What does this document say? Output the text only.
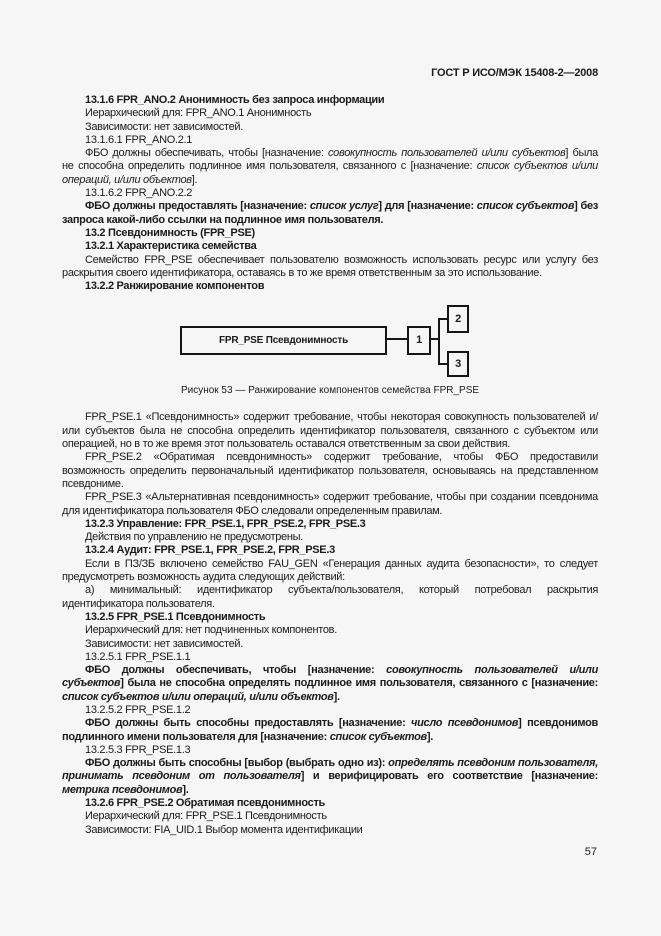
ГОСТ Р ИСО/МЭК 15408-2—2008

13.1.6 FPR_ANO.2 Анонимность без запроса информации

Иерархический для: FPR_ANO.1 Анонимность

Зависимости: нет зависимостей.

13.1.6.1 FPR_ANO.2.1

ФБО должны обеспечивать, чтобы [назначение: совокупность пользователей и/или субъектов] была не способна определить подлинное имя пользователя, связанного с [назначение: список субъектов и/или операций, и/или объектов].

13.1.6.2 FPR_ANO.2.2

ФБО должны предоставлять [назначение: список услуг] для [назначение: список субъектов] без запроса какой-либо ссылки на подлинное имя пользователя.

13.2 Псевдонимность (FPR_PSE)

13.2.1 Характеристика семейства

Семейство FPR_PSE обеспечивает пользователю возможность использовать ресурс или услугу без раскрытия своего идентификатора, оставаясь в то же время ответственным за это использование.

13.2.2 Ранжирование компонентов

FPR_PSE Псевдонимность	1
2
3
Рисунок 53 — Ранжирование компонентов семейства FPR_PSE

FPR_PSE.1 «Псевдонимность» содержит требование, чтобы некоторая совокупность пользователей и/или субъектов была не способна определить идентификатор пользователя, связанного с субъектом или операцией, но в то же время этот пользователь оставался ответственным за свои действия.

FPR_PSE.2 «Обратимая псевдонимность» содержит требование, чтобы ФБО предоставили возможность определить первоначальный идентификатор пользователя, основываясь на представленном псевдониме.

FPR_PSE.3 «Альтернативная псевдонимность» содержит требование, чтобы при создании псевдонима для идентификатора пользователя ФБО следовали определенным правилам.

13.2.3 Управление: FPR_PSE.1, FPR_PSE.2, FPR_PSE.3

Действия по управлению не предусмотрены.

13.2.4 Аудит: FPR_PSE.1, FPR_PSE.2, FPR_PSE.3

Если в ПЗ/ЗБ включено семейство FAU_GEN «Генерация данных аудита безопасности», то следует предусмотреть возможность аудита следующих действий:

а) минимальный: идентификатор субъекта/пользователя, который потребовал раскрытия идентификатора пользователя.

13.2.5 FPR_PSE.1 Псевдонимность

Иерархический для: нет подчиненных компонентов.

Зависимости: нет зависимостей.

13.2.5.1 FPR_PSE.1.1

ФБО должны обеспечивать, чтобы [назначение: совокупность пользователей и/или субъектов] была не способна определять подлинное имя пользователя, связанного с [назначение: список субъектов и/или операций, и/или объектов].

13.2.5.2 FPR_PSE.1.2

ФБО должны быть способны предоставлять [назначение: число псевдонимов] псевдонимов подлинного имени пользователя для [назначение: список субъектов].

13.2.5.3 FPR_PSE.1.3

ФБО должны быть способны [выбор (выбрать одно из): определять псевдоним пользователя, принимать псевдоним от пользователя] и верифицировать его соответствие [назначение: метрика псевдонимов].

13.2.6 FPR_PSE.2 Обратимая псевдонимность

Иерархический для: FPR_PSE.1 Псевдонимность

Зависимости: FIA_UID.1 Выбор момента идентификации

57
